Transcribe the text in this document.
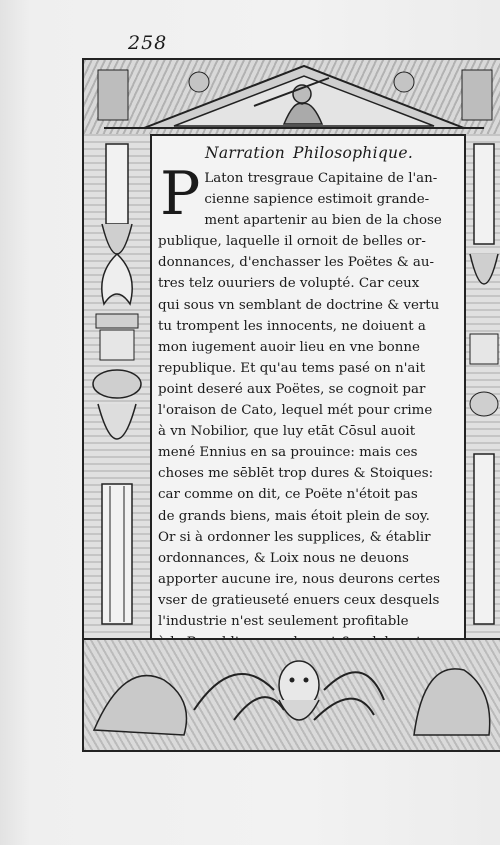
258
Narration Philosophique.
P Laton tresgraue Capitaine de l'an-
cienne sapience estimoit grande-
ment apartenir au bien de la chose
publique, laquelle il ornoit de belles or-
donnances, d'enchasser les Poëtes & au-
tres telz ouuriers de volupté. Car ceux
qui sous vn semblant de doctrine & vertu
tu trompent les innocents, ne doiuent a
mon iugement auoir lieu en vne bonne
republique. Et qu'au tems pasé on n'ait
point deseré aux Poëtes, se cognoit par
l'oraison de Cato, lequel mét pour crime
à vn Nobilior, que luy etāt Cōsul auoit
mené Ennius en sa prouince: mais ces
choses me sēblēt trop dures & Stoiques:
car comme on dit, ce Poëte n'étoit pas
de grands biens, mais étoit plein de soy.
Or si à ordonner les supplices, & établir
ordonnances, & Loix nous ne deuons
apporter aucune ire, nous deurons certes
vser de gratieuseté enuers ceux desquels
l'industrie n'est seulement profitable
